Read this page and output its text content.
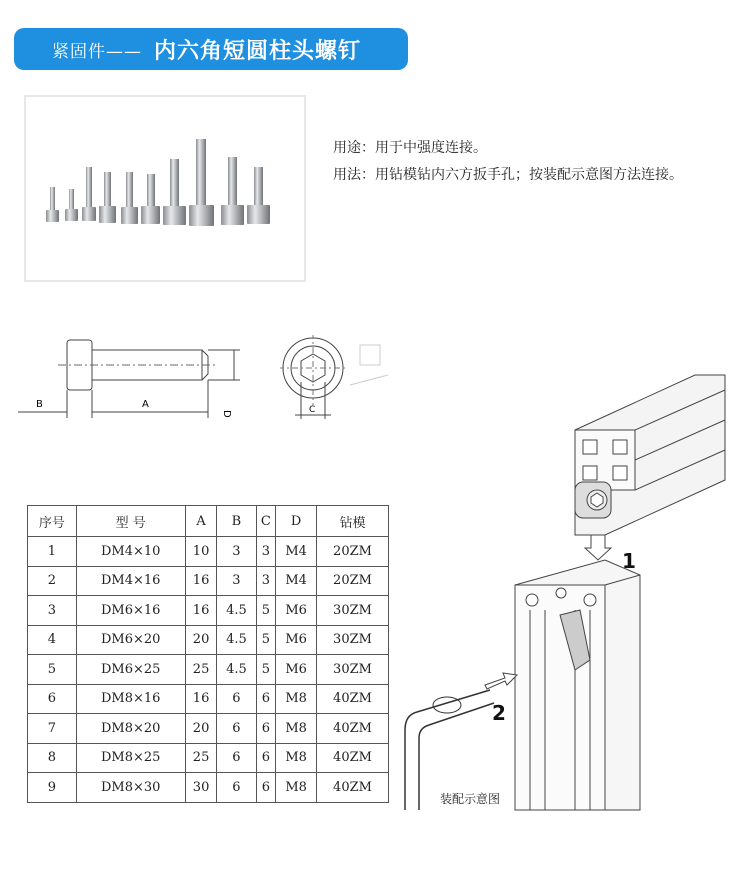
紧固件—— 内六角短圆柱头螺钉
用途：用于中强度连接。
用法：用钻模钻内六方扳手孔；按装配示意图方法连接。
B	A
D	C
序号	型 号	A	B	C	D	钻模
1	DM4×10	10	3	3	M4	20ZM
2	DM4×16	16	3	3	M4	20ZM
3	DM6×16	16	4.5	5	M6	30ZM
4	DM6×20	20	4.5	5	M6	30ZM
5	DM6×25	25	4.5	5	M6	30ZM
6	DM8×16	16	6	6	M8	40ZM
7	DM8×20	20	6	6	M8	40ZM
8	DM8×25	25	6	6	M8	40ZM
9	DM8×30	30	6	6	M8	40ZM
1
2
装配示意图
